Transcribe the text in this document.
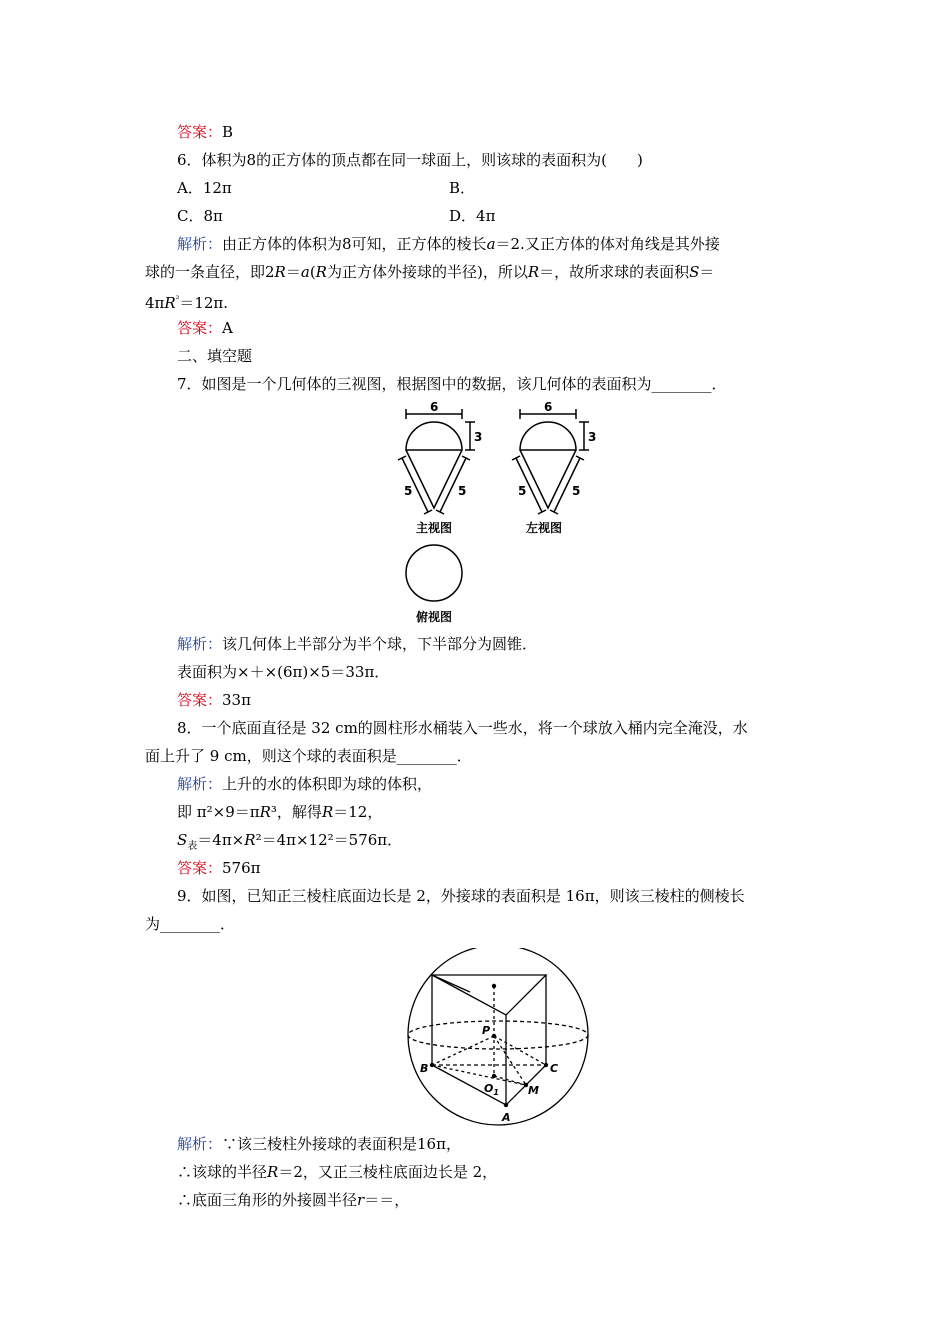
答案：B
6．体积为8的正方体的顶点都在同一球面上，则该球的表面积为(　　)
A．12π	B．
C．8π	D．4π
解析：由正方体的体积为8可知，正方体的棱长a＝2.又正方体的体对角线是其外接
球的一条直径，即2R＝a(R为正方体外接球的半径)，所以R＝，故所求球的表面积S＝
$4\pi R^{^2}=12\pi$.
答案：A
二、填空题
7．如图是一个几何体的三视图，根据图中的数据，该几何体的表面积为________．
6
3
5	5
6
3
5	5
主视图	左视图
俯视图
解析：该几何体上半部分为半个球，下半部分为圆锥．
表面积为×＋×(6π)×5＝33π．
答案：33π
8．一个底面直径是 32 cm的圆柱形水桶装入一些水，将一个球放入桶内完全淹没，水
面上升了 9 cm，则这个球的表面积是________．
解析：上升的水的体积即为球的体积，
即 π²×9＝πR³，解得R＝12，
$S_表=4\pi\times R^2=4\pi\times 12^2=576\pi$．
答案：576π
9．如图，已知正三棱柱底面边长是 2，外接球的表面积是 16π，则该三棱柱的侧棱长
为________．
P
B	C
$O_1$	M
A
解析：∵该三棱柱外接球的表面积是16π，
∴该球的半径R＝2，又正三棱柱底面边长是 2，
∴底面三角形的外接圆半径r＝＝，
